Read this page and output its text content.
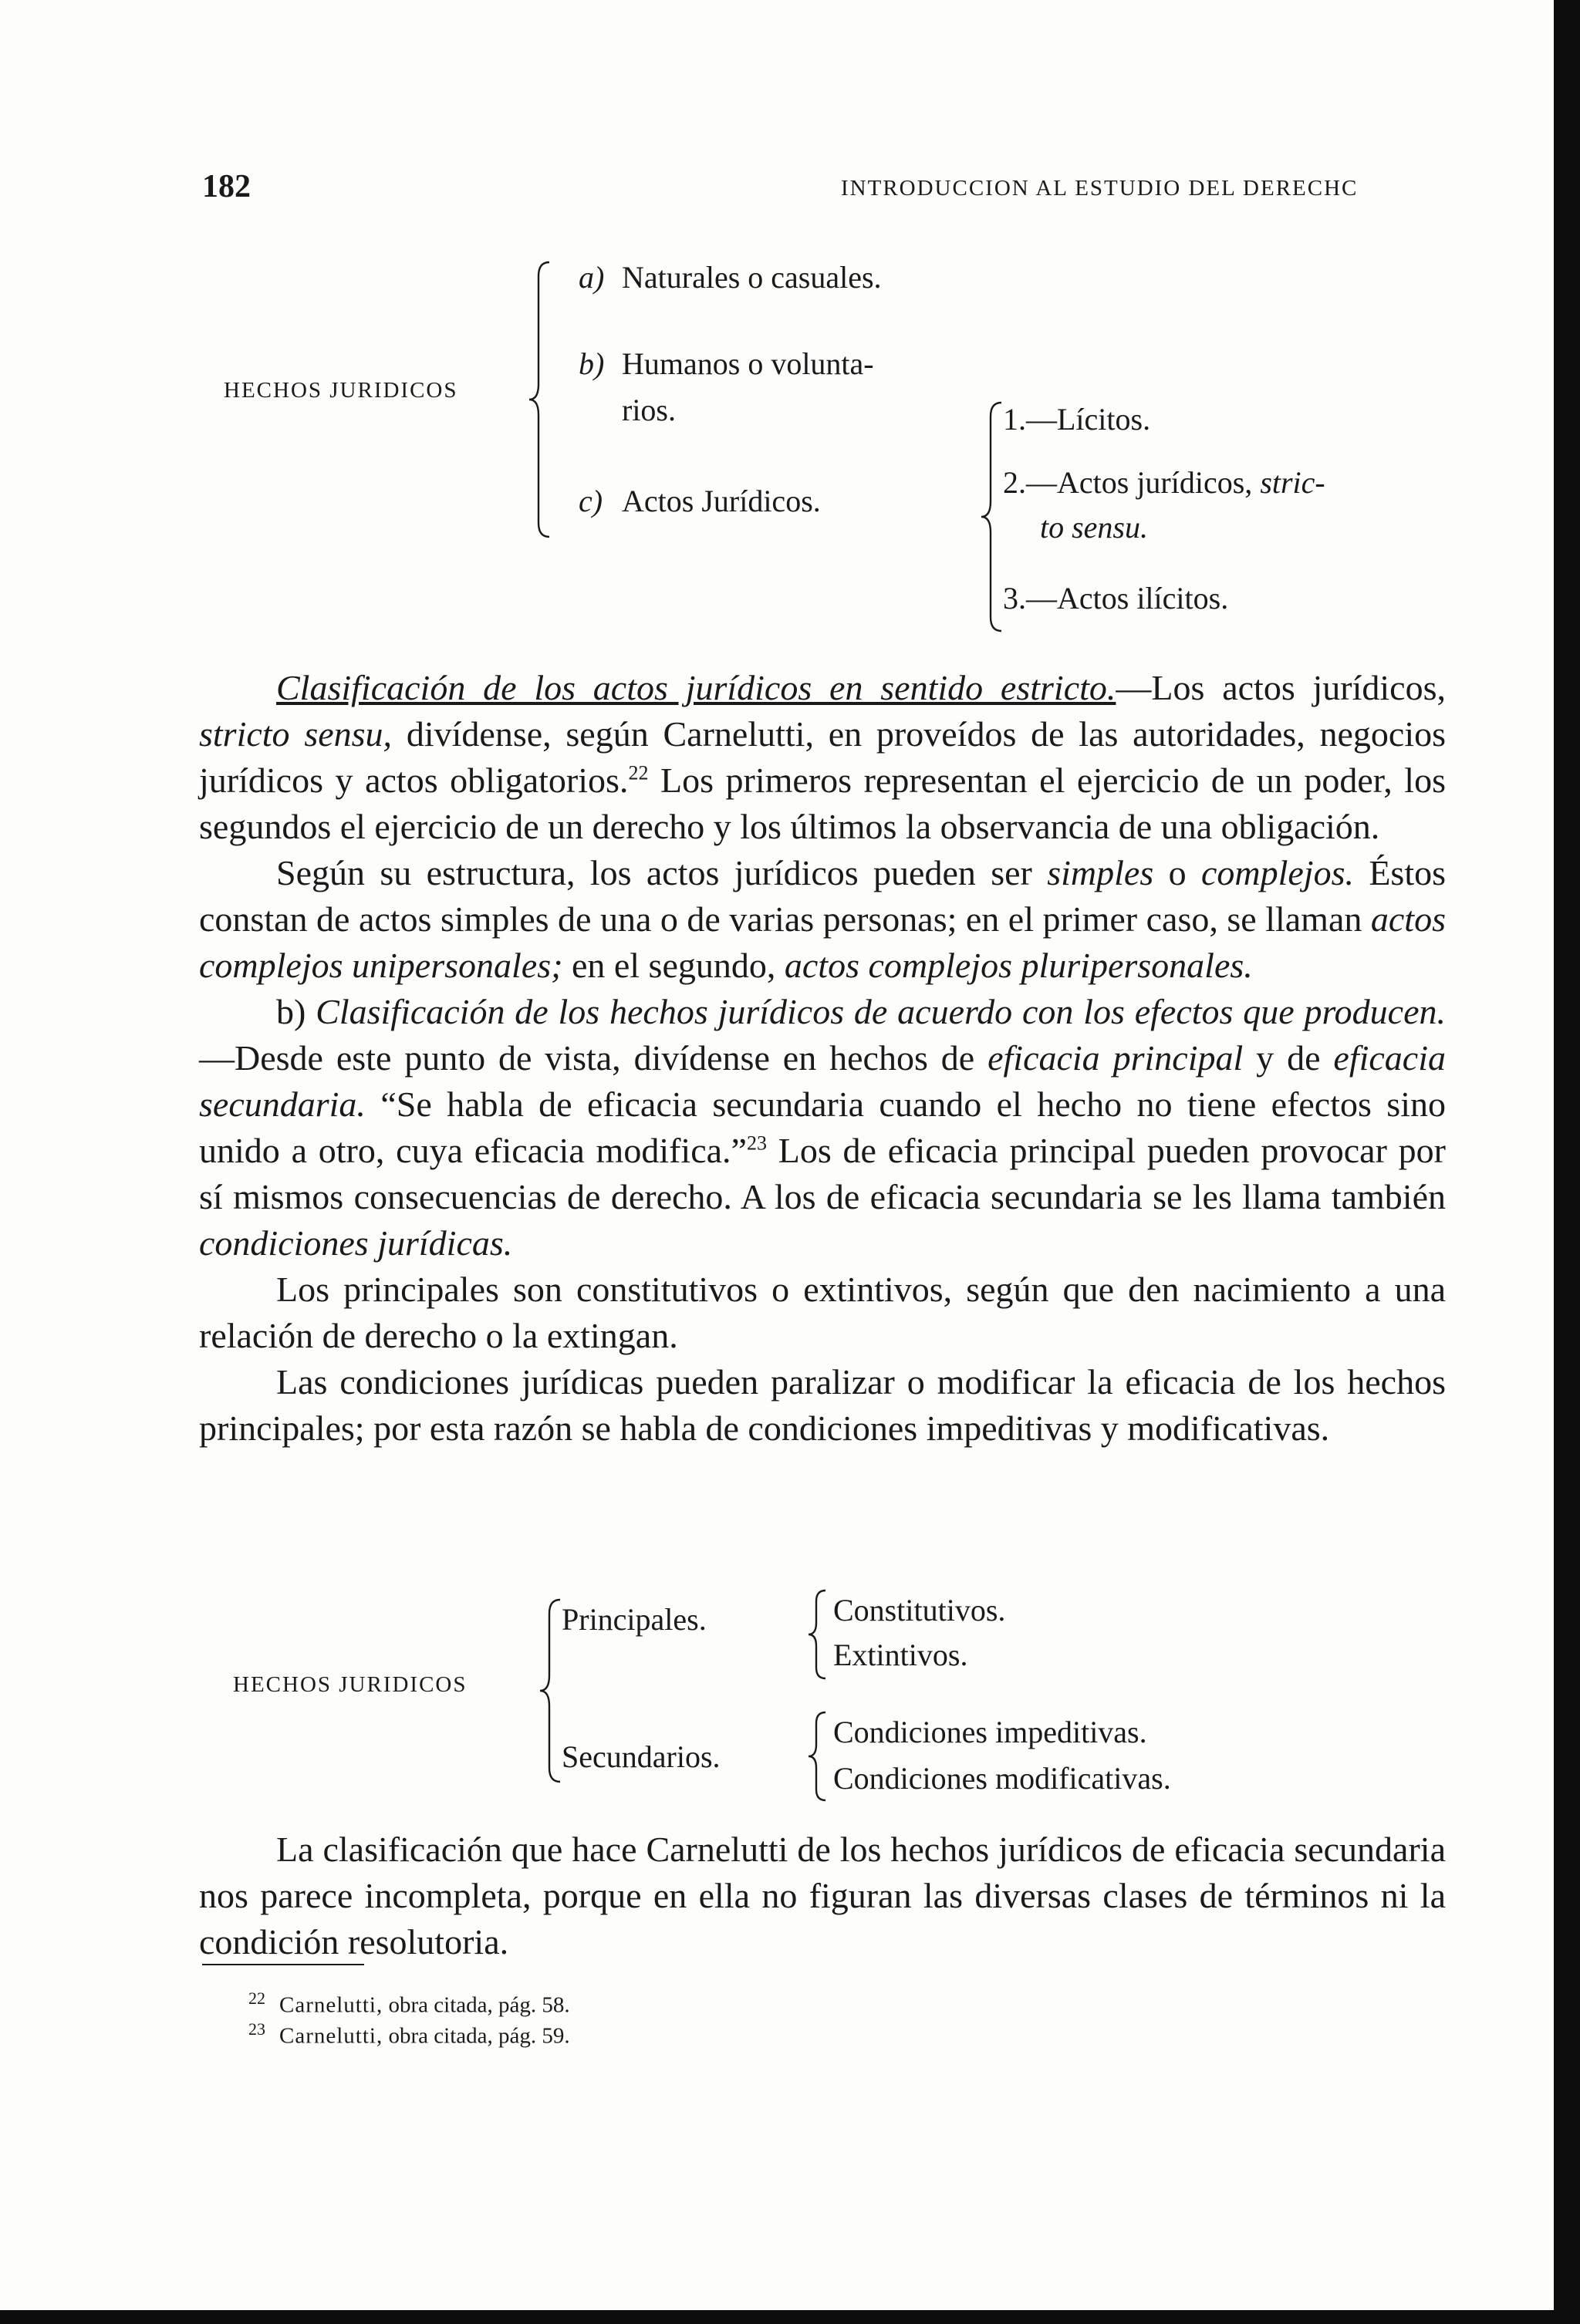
182	INTRODUCCION AL ESTUDIO DEL DERECHC
HECHOS JURIDICOS
a) Naturales o casuales.
b) Humanos o volunta-
rios.
c) Actos Jurídicos.
1.—Lícitos.
2.—Actos jurídicos, stric-
to sensu.
3.—Actos ilícitos.

Clasificación de los actos jurídicos en sentido estricto.—Los actos jurídicos, stricto sensu, divídense, según Carnelutti, en proveídos de las autoridades, negocios jurídicos y actos obligatorios.$^{22}$ Los primeros representan el ejercicio de un poder, los segundos el ejercicio de un derecho y los últimos la observancia de una obligación.

Según su estructura, los actos jurídicos pueden ser simples o complejos. Éstos constan de actos simples de una o de varias personas; en el primer caso, se llaman actos complejos unipersonales; en el segundo, actos complejos pluripersonales.

b) Clasificación de los hechos jurídicos de acuerdo con los efectos que producen.—Desde este punto de vista, divídense en hechos de eficacia principal y de eficacia secundaria. “Se habla de eficacia secundaria cuando el hecho no tiene efectos sino unido a otro, cuya eficacia modifica.”$^{23}$ Los de eficacia principal pueden provocar por sí mismos consecuencias de derecho. A los de eficacia secundaria se les llama también condiciones jurídicas.

Los principales son constitutivos o extintivos, según que den nacimiento a una relación de derecho o la extingan.

Las condiciones jurídicas pueden paralizar o modificar la eficacia de los hechos principales; por esta razón se habla de condiciones impeditivas y modificativas.

HECHOS JURIDICOS
Principales.
Secundarios.
Constitutivos.
Extintivos.
Condiciones impeditivas.
Condiciones modificativas.

La clasificación que hace Carnelutti de los hechos jurídicos de eficacia secundaria nos parece incompleta, porque en ella no figuran las diversas clases de términos ni la condición resolutoria.

$^{22}$ Carnelutti, obra citada, pág. 58.
$^{23}$ Carnelutti, obra citada, pág. 59.
